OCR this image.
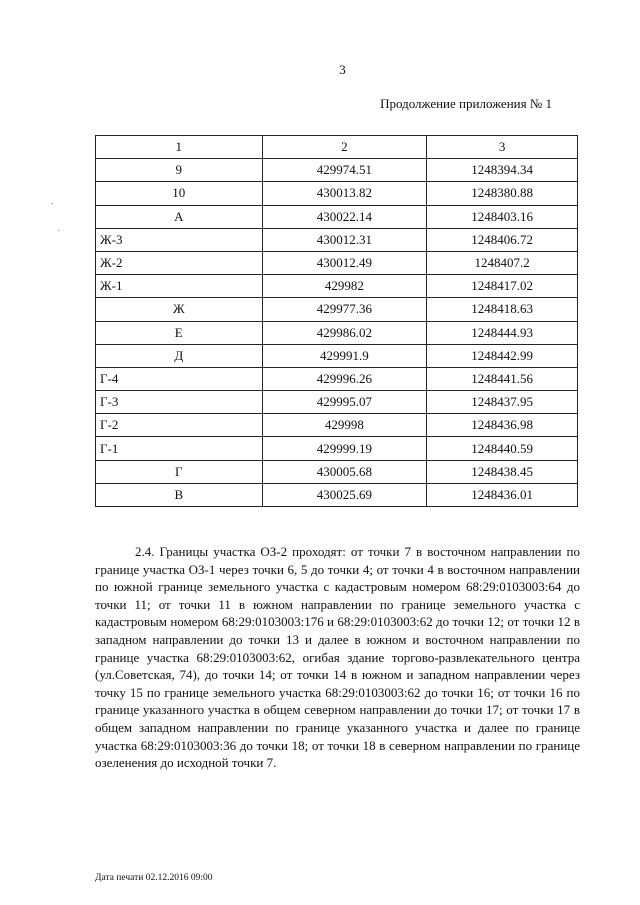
3
Продолжение приложения № 1
.
·
1	2	3
9	429974.51	1248394.34
10	430013.82	1248380.88
А	430022.14	1248403.16
Ж-3	430012.31	1248406.72
Ж-2	430012.49	1248407.2
Ж-1	429982	1248417.02
Ж	429977.36	1248418.63
Е	429986.02	1248444.93
Д	429991.9	1248442.99
Г-4	429996.26	1248441.56
Г-3	429995.07	1248437.95
Г-2	429998	1248436.98
Г-1	429999.19	1248440.59
Г	430005.68	1248438.45
В	430025.69	1248436.01
2.4. Границы участка ОЗ-2 проходят: от точки 7 в восточном направлении по границе участка ОЗ-1 через точки 6, 5 до точки 4; от точки 4 в восточном направлении по южной границе земельного участка с кадастровым номером 68:29:0103003:64 до точки 11; от точки 11 в южном направлении по границе земельного участка с кадастровым номером 68:29:0103003:176 и 68:29:0103003:62 до точки 12; от точки 12 в западном направлении до точки 13 и далее в южном и восточном направлении по границе участка 68:29:0103003:62, огибая здание торгово-развлекательного центра (ул.Советская, 74), до точки 14; от точки 14 в южном и западном направлении через точку 15 по границе земельного участка 68:29:0103003:62 до точки 16; от точки 16 по границе указанного участка в общем северном направлении до точки 17; от точки 17 в общем западном направлении по границе указанного участка и далее по границе участка 68:29:0103003:36 до точки 18; от точки 18 в северном направлении по границе озеленения до исходной точки 7.
Дата печати 02.12.2016 09:00
